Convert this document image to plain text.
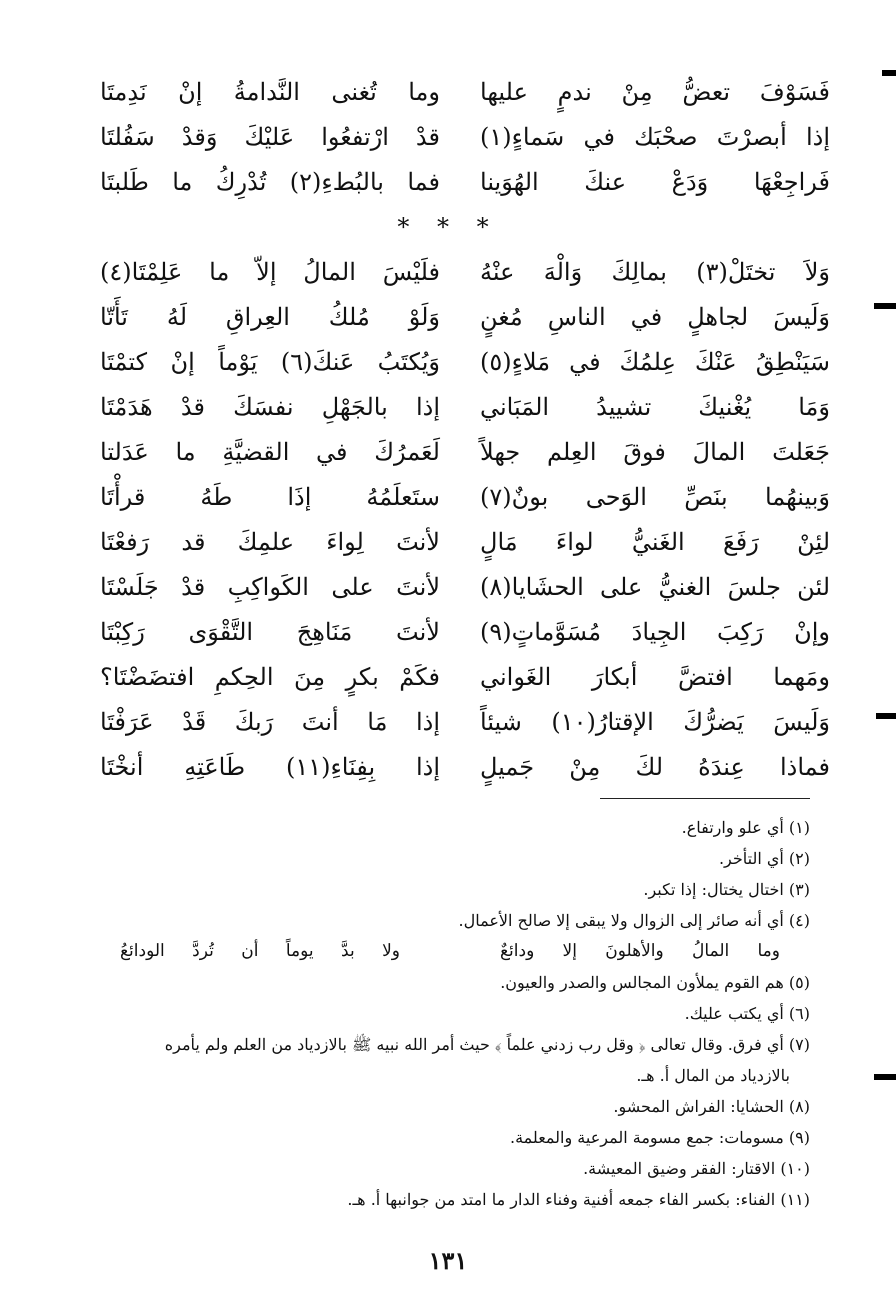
فَسَوْفَ تعضُّ مِنْ ندمٍ عليها
وما تُغنى النَّدامةُ إنْ نَدِمتَا
إذا أبصرْتَ صحْبَك في سَماءٍ(١)
قدْ ارْتفعُوا عَليْكَ وَقدْ سَفُلتَا
فَراجِعْهَا وَدَعْ عنكَ الهُوَينا
فما بالبُطءِ(٢) تُدْرِكُ ما طَلبتَا
* * *
وَلاَ تختَلْ(٣) بمالِكَ وَالْهَ عنْهُ
فلَيْسَ المالُ إلاّ ما عَلِمْتَا(٤)
وَلَيسَ لجاهلٍ في الناسِ مُغنٍ
وَلَوْ مُلكُ العِراقِ لَهُ تَأَتّا
سَيَنْطِقُ عَنْكَ عِلمُكَ في مَلاءٍ(٥)
وَيُكتَبُ عَنكَ(٦) يَوْماً إنْ كتمْتَا
وَمَا يُغْنيكَ تشييدُ المَبَاني
إذا بالجَهْلِ نفسَكَ قدْ هَدَمْتَا
جَعَلتَ المالَ فوقَ العِلم جهلاً
لَعَمرُكَ في القضيَّةِ ما عَدَلتا
وَبينهُما بنَصِّ الوَحى بونٌ(٧)
ستَعلَمُهُ إذَا طَهُ قرأْتَا
لئِنْ رَفَعَ الغَنيُّ لواءَ مَالٍ
لأنتَ لِواءَ علمِكَ قد رَفعْتَا
لئن جلسَ الغنيُّ على الحشَايا(٨)
لأنتَ على الكَواكِبِ قدْ جَلَسْتَا
وإنْ رَكِبَ الجِيادَ مُسَوَّماتٍ(٩)
لأنتَ مَنَاهِجَ التَّقْوَى رَكِبْتَا
ومَهما افتضَّ أبكارَ الغَواني
فكَمْ بكرٍ مِنَ الحِكمِ افتضَضْتَا؟
وَلَيسَ يَضرُّكَ الإقتارُ(١٠) شيئاً
إذا مَا أنتَ رَبكَ قَدْ عَرَفْتَا
فماذا عِندَهُ لكَ مِنْ جَميلٍ
إذا بِفِنَاءِ(١١) طَاعَتِهِ أنخْتَا
(١) أي علو وارتفاع.
(٢) أي التأخر.
(٣) اختال يختال: إذا تكبر.
(٤) أي أنه صائر إلى الزوال ولا يبقى إلا صالح الأعمال.
وما المالُ والأهلونَ إلا ودائعٌ
ولا بدَّ يوماً أن تُردَّ الودائعُ
(٥) هم القوم يملأون المجالس والصدر والعيون.
(٦) أي يكتب عليك.
(٧) أي فرق. وقال تعالى ﴿ وقل رب زدني علماً ﴾ حيث أمر الله نبيه ﷺ بالازدياد من العلم ولم يأمره
بالازدياد من المال أ. هـ.
(٨) الحشايا: الفراش المحشو.
(٩) مسومات: جمع مسومة المرعية والمعلمة.
(١٠) الاقتار: الفقر وضيق المعيشة.
(١١) الفناء: بكسر الفاء جمعه أفنية وفناء الدار ما امتد من جوانبها أ. هـ.
١٣١
